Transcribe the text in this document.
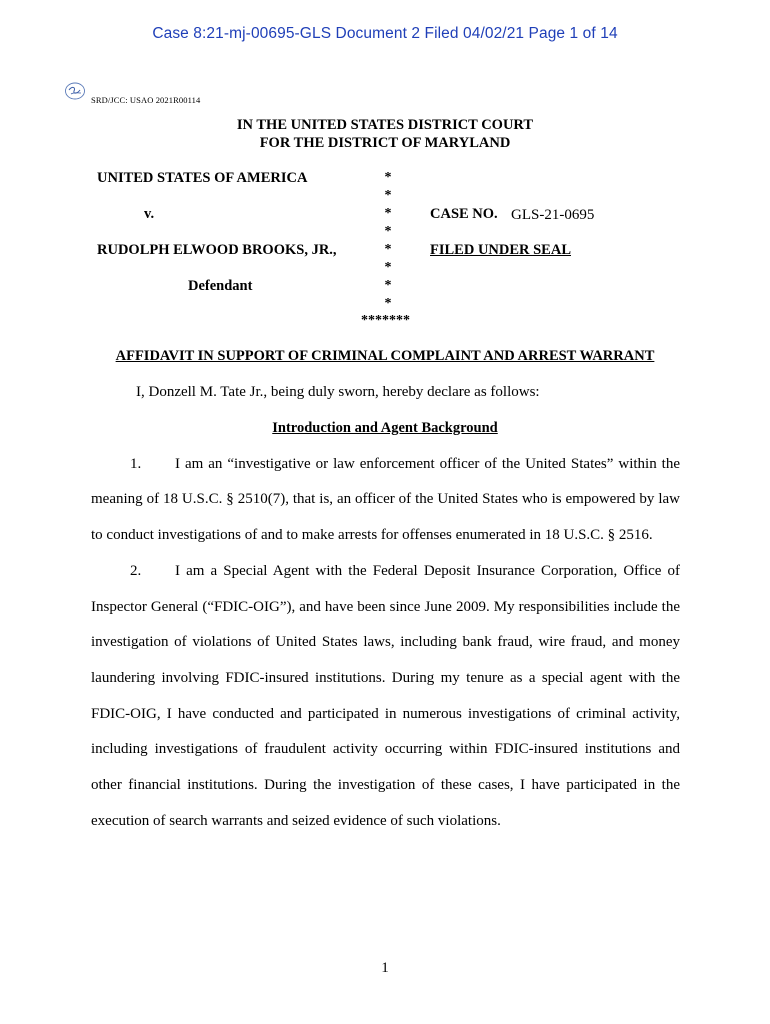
Case 8:21-mj-00695-GLS Document 2 Filed 04/02/21 Page 1 of 14
SRD/JCC: USAO 2021R00114
IN THE UNITED STATES DISTRICT COURT
FOR THE DISTRICT OF MARYLAND
UNITED STATES OF AMERICA
v.
RUDOLPH ELWOOD BROOKS, JR.,
Defendant
*
*
*
*
*
*
*
*
*******
CASE NO. GLS-21-0695
FILED UNDER SEAL
AFFIDAVIT IN SUPPORT OF CRIMINAL COMPLAINT AND ARREST WARRANT
I, Donzell M. Tate Jr., being duly sworn, hereby declare as follows:
Introduction and Agent Background
1. I am an “investigative or law enforcement officer of the United States” within the
meaning of 18 U.S.C. § 2510(7), that is, an officer of the United States who is empowered by law
to conduct investigations of and to make arrests for offenses enumerated in 18 U.S.C. § 2516.
2. I am a Special Agent with the Federal Deposit Insurance Corporation, Office of
Inspector General (“FDIC-OIG”), and have been since June 2009. My responsibilities include the
investigation of violations of United States laws, including bank fraud, wire fraud, and money
laundering involving FDIC-insured institutions. During my tenure as a special agent with the
FDIC-OIG, I have conducted and participated in numerous investigations of criminal activity,
including investigations of fraudulent activity occurring within FDIC-insured institutions and
other financial institutions. During the investigation of these cases, I have participated in the
execution of search warrants and seized evidence of such violations.
1
